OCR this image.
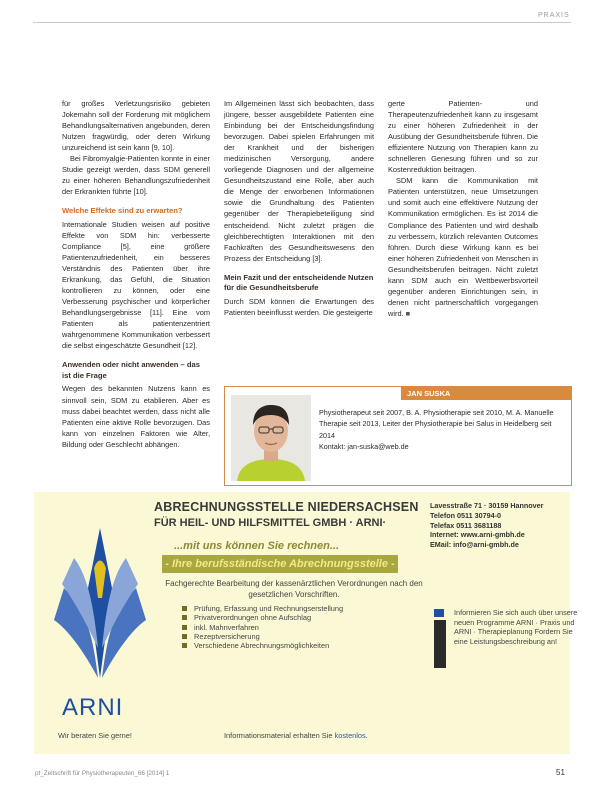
PRAXIS

für großes Verletzungsrisiko gebieten Jokemahn soll der Forderung mit möglichem Behandlungsalternativen angebunden, deren Nutzen fragwürdig, oder deren Wirkung unzureichend ist sein kann [9, 10].

Bei Fibromyalgie-Patienten konnte in einer Studie gezeigt werden, dass SDM generell zu einer höheren Behandlungszufriedenheit der Erkrankten führte [10].

Welche Effekte sind zu erwarten?

Internationale Studien weisen auf positive Effekte von SDM hin: verbesserte Compliance [5], eine größere Patientenzufriedenheit, ein besseres Verständnis des Patienten über ihre Erkrankung, das Gefühl, die Situation kontrollieren zu können, oder eine Verbesserung psychischer und körperlicher Behandlungsergebnisse [11]. Eine vom Patienten als patientenzentriert wahrgenommene Kommunikation verbessert die selbst eingeschätzte Gesundheit [12].

Anwenden oder nicht anwenden – das ist die Frage

Wegen des bekannten Nutzens kann es sinnvoll sein, SDM zu etablieren. Aber es muss dabei beachtet werden, dass nicht alle Patienten eine aktive Rolle bevorzugen. Das kann von einzelnen Faktoren wie Alter, Bildung oder Geschlecht abhängen.

Im Allgemeinen lässt sich beobachten, dass jüngere, besser ausgebildete Patienten eine Einbindung bei der Entscheidungsfindung bevorzugen. Dabei spielen Erfahrungen mit der Krankheit und der bisherigen medizinischen Versorgung, andere vorliegende Diagnosen und der allgemeine Gesundheitszustand eine Rolle, aber auch die Menge der erworbenen Informationen sowie die Grundhaltung des Patienten gegenüber der Therapiebeteiligung sind entscheidend. Nicht zuletzt prägen die gleichberechtigten Interaktionen mit den Fachkräften des Gesundheitswesens den Prozess der Entscheidung [3].

Mein Fazit und der entscheidende Nutzen für die Gesundheitsberufe

Durch SDM können die Erwartungen des Patienten beeinflusst werden. Die gesteigerte

gerte Patienten- und Therapeutenzufriedenheit kann zu insgesamt zu einer höheren Zufriedenheit in der Ausübung der Gesundheitsberufe führen. Die effizientere Nutzung von Therapien kann zu schnelleren Genesung führen und so zur Kostenreduktion beitragen.

SDM kann die Kommunikation mit Patienten unterstützen, neue Umsetzungen und somit auch eine effektivere Nutzung der Kommunikation ermöglichen. Es ist 2014 die Compliance des Patienten und wird deshalb zu verbessern, kürzlich relevanten Outcomes führen. Durch diese Wirkung kann es bei einer höheren Zufriedenheit von Menschen in Gesundheitsberufen beitragen. Nicht zuletzt kann SDM auch ein Wettbewerbsvorteil gegenüber anderen Einrichtungen sein, in denen nicht partnerschaftlich vorgegangen wird. ■

JAN SUSKA

Physiotherapeut seit 2007, B. A. Physiotherapie seit 2010, M. A. Manuelle Therapie seit 2013, Leiter der Physiotherapie bei Salus in Heidelberg seit 2014

Kontakt: jan-suska@web.de

ARNI
ABRECHNUNGSSTELLE NIEDERSACHSEN
FÜR HEIL- UND HILFSMITTEL GMBH · ARNI·
...mit uns können Sie rechnen...
- Ihre berufsständische Abrechnungsstelle -
Fachgerechte Bearbeitung der kassenärztlichen Verordnungen nach den gesetzlichen Vorschriften.
Prüfung, Erfassung und Rechnungserstellung
Privatverordnungen ohne Aufschlag
inkl. Mahnverfahren
Rezeptversicherung
Verschiedene Abrechnungsmöglichkeiten
Lavesstraße 71 · 30159 Hannover
Telefon 0511 30794-0
Telefax 0511 3681188
Internet: www.arni-gmbh.de
EMail: info@arni-gmbh.de
Informieren Sie sich auch über unsere neuen Programme ARNI · Praxis und ARNI · Therapieplanung Fordern Sie eine Leistungsbeschreibung an!
Wir beraten Sie gerne!	Informationsmaterial erhalten Sie kostenlos.
pt_Zeitschrift für Physiotherapeuten_66 [2014] 1	51
